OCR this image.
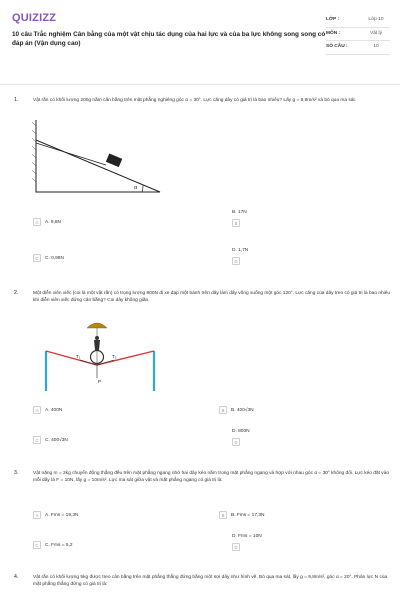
QUIZIZZ
10 câu Trắc nghiệm Cân bằng của một vật chịu tác dụng của hai lực và của ba lực không song song có đáp án (Vận dụng cao)
LỚP :	Lớp 10
MÔN :	Vật lý
SỐ CÂU :	10
1.	Vật rắn có khối lượng 200g nằm cân bằng trên mặt phẳng nghiêng góc α = 30°. Lực căng dây có giá trị là bao nhiêu? Lấy g = 9,8m/s² và bỏ qua ma sát.
α
A	A. 9,8N
B. 17N
B
C	C. 0,98N
D. 1,7N
D
2.	Một diễn viên xiếc (coi là một vật rắn) có trọng lượng 800N đi xe đạp một bánh trên dây làm dây võng xuống một góc 120°. Lực căng của dây treo có giá trị là bao nhiêu khi diễn viên xiếc đứng cân bằng? Coi dây không giãn.
T₁	T₂
P
A	A. 400N	B	B. 400√3N
C	C. 400√3N
D. 800N
D
3.	Vật nặng m = 2kg chuyển động thẳng đều trên mặt phẳng ngang nhờ hai dây kéo nằm trong mặt phẳng ngang và hợp với nhau góc α = 30° không đổi. Lực kéo đặt vào mỗi dây là F = 10N, lấy g = 10m/s². Lực ma sát giữa vật và mặt phẳng ngang có giá trị là:
A	A. Fms = 19,3N	B	B. Fms = 17,3N
C	C. Fms = 5,2
D. Fms = 10N
D
4.	Vật rắn có khối lượng 5kg được treo cân bằng trên mặt phẳng thẳng đứng bằng một sợi dây như hình vẽ. Bỏ qua ma sát, lấy g = 9,8m/s², góc α = 20°. Phản lực N của mặt phẳng thẳng đứng có giá trị là:
